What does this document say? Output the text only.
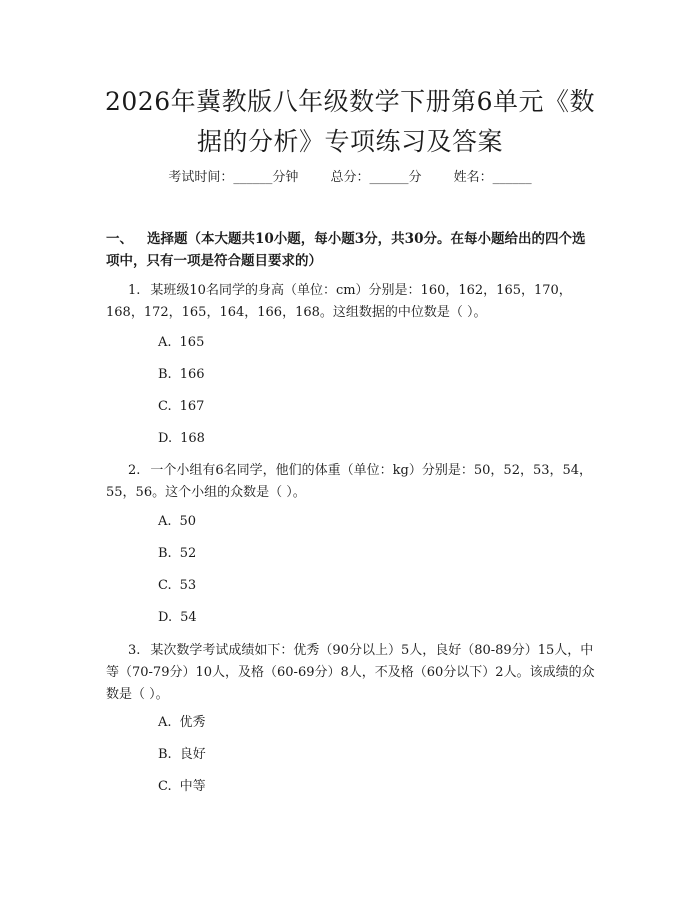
2026年冀教版八年级数学下册第6单元《数据的分析》专项练习及答案
考试时间：______分钟 总分：______分 姓名：______
一、 选择题（本大题共10小题，每小题3分，共30分。在每小题给出的四个选项中，只有一项是符合题目要求的）
1. 某班级10名同学的身高（单位：cm）分别是：160，162，165，170，168，172，165，164，166，168。这组数据的中位数是（ ）。
A. 165
B. 166
C. 167
D. 168
2. 一个小组有6名同学，他们的体重（单位：kg）分别是：50，52，53，54，55，56。这个小组的众数是（ ）。
A. 50
B. 52
C. 53
D. 54
3. 某次数学考试成绩如下：优秀（90分以上）5人，良好（80-89分）15人，中等（70-79分）10人，及格（60-69分）8人，不及格（60分以下）2人。该成绩的众数是（ ）。
A. 优秀
B. 良好
C. 中等
